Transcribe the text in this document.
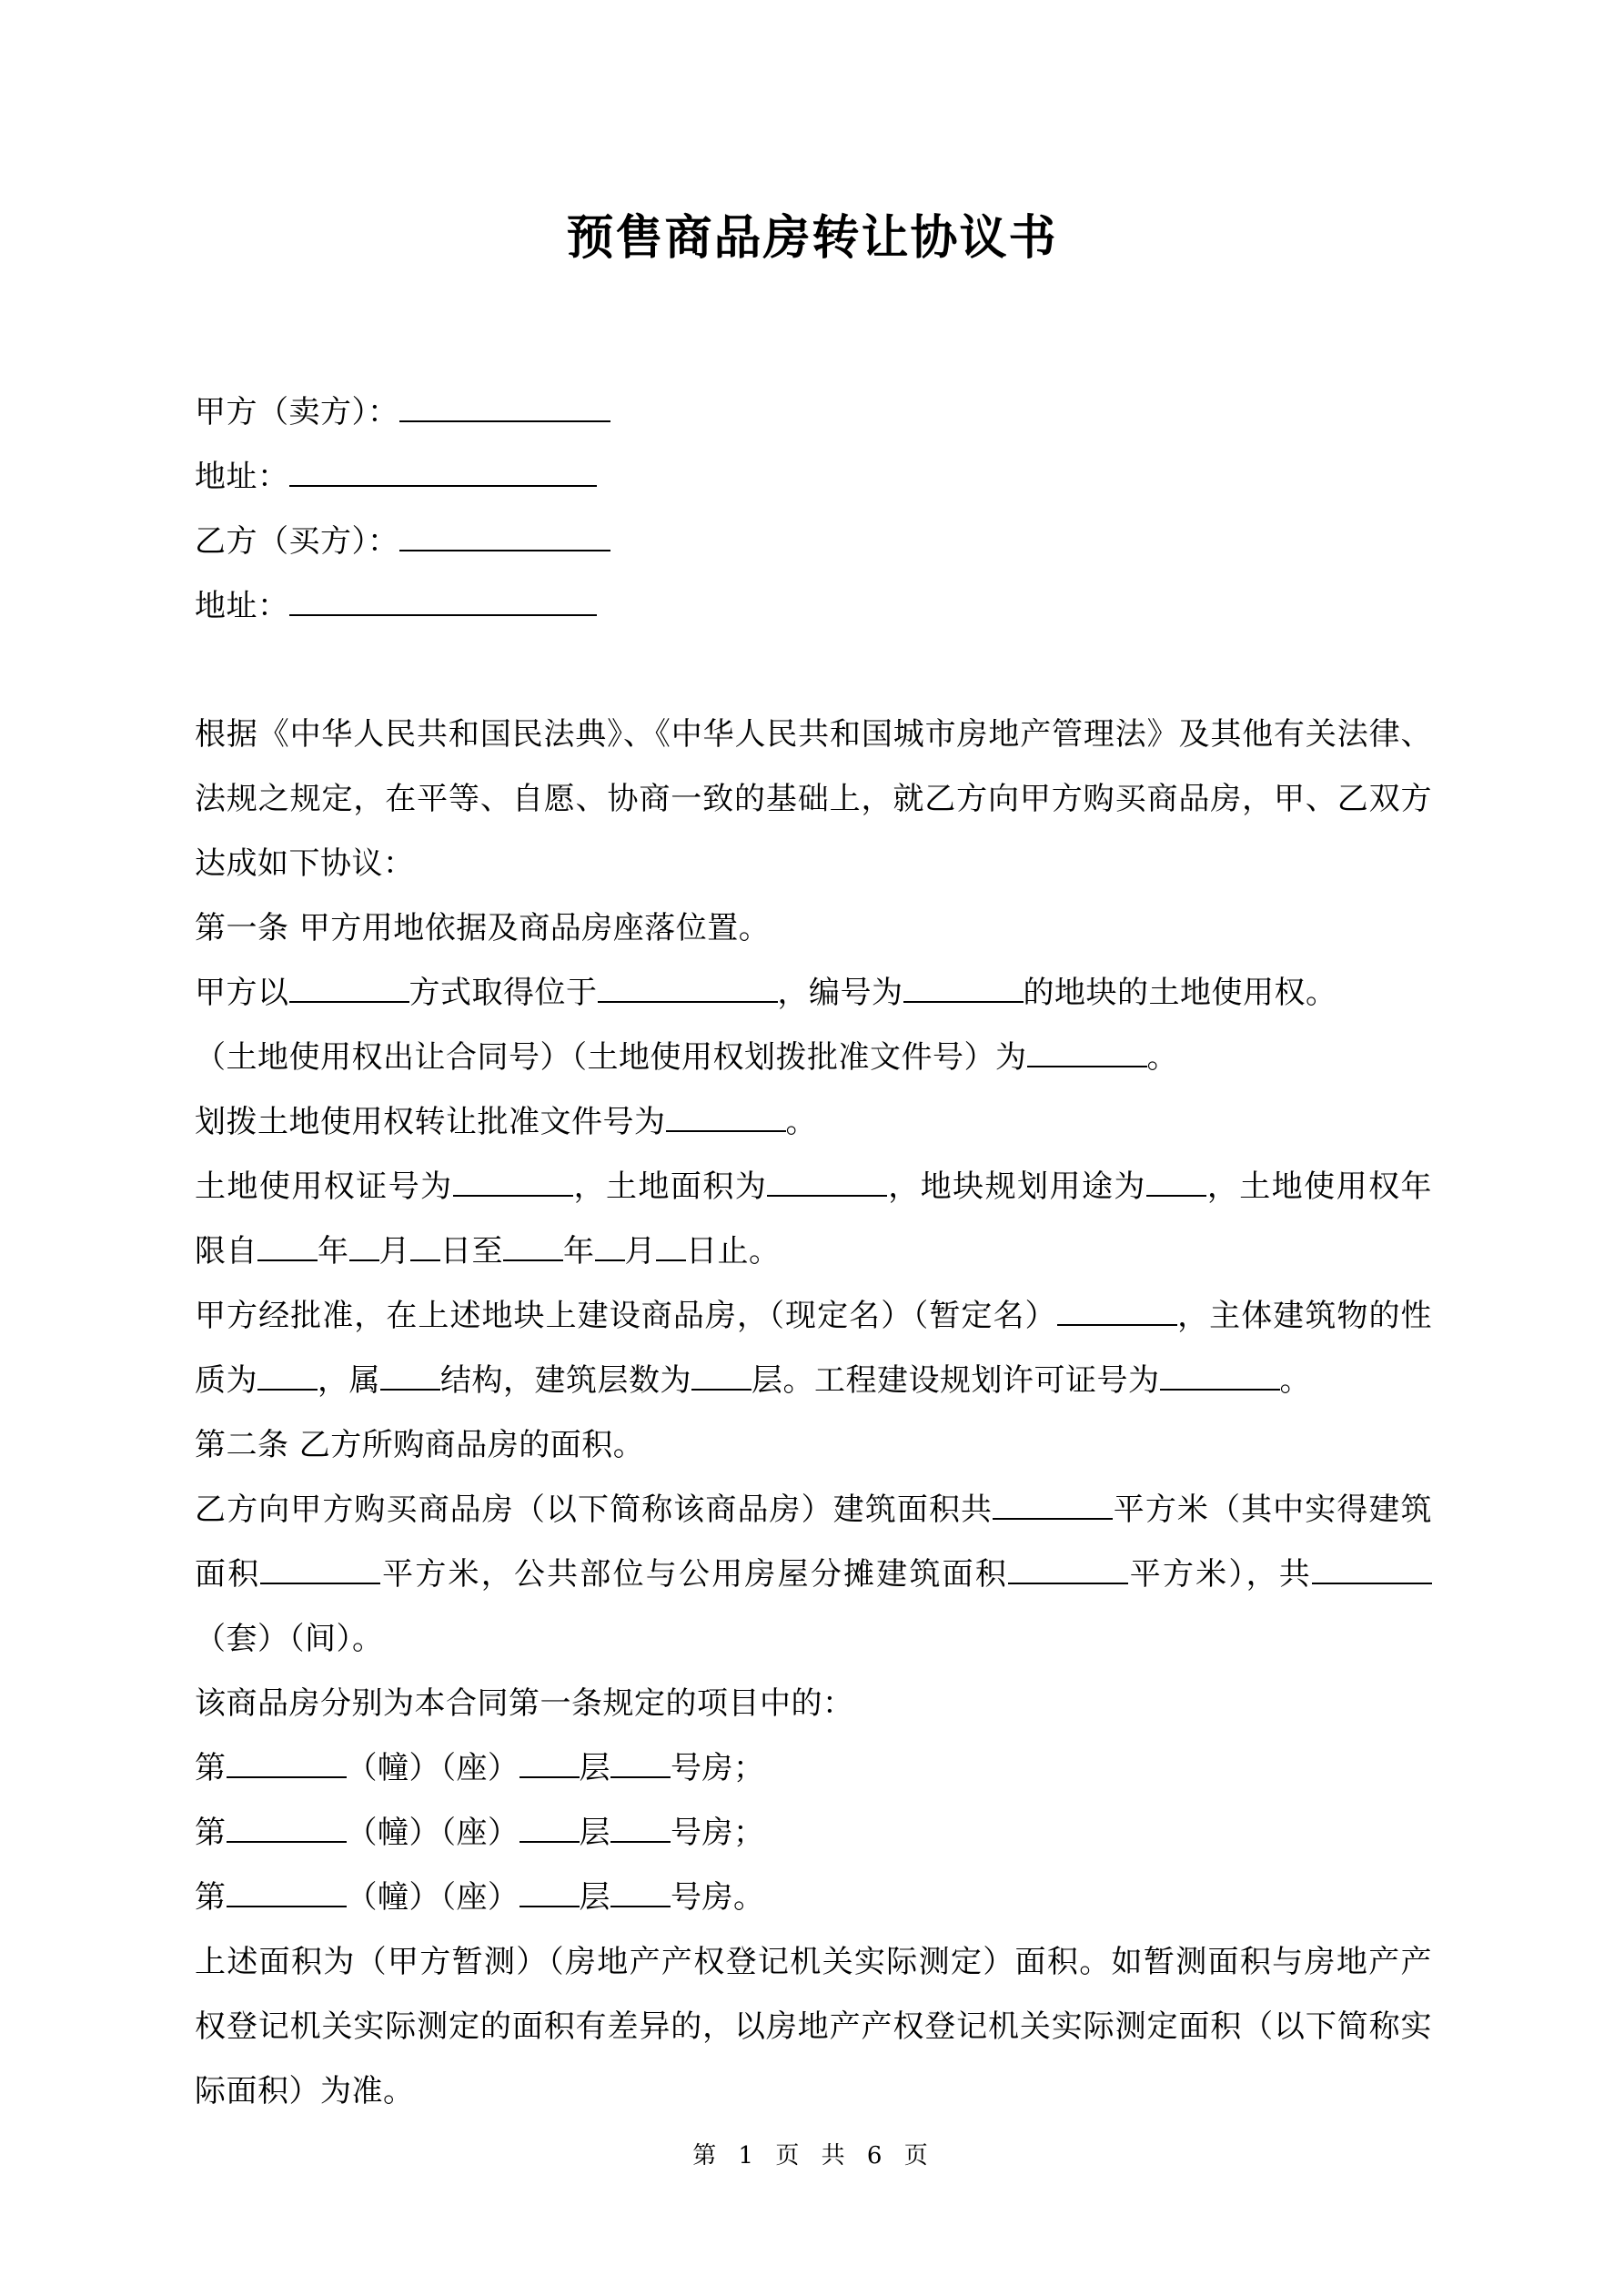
预售商品房转让协议书
甲方（卖方）：
地址：
乙方（买方）：
地址：
根据《中华人民共和国民法典》、《中华人民共和国城市房地产管理法》及其他有关法律、法规之规定，在平等、自愿、协商一致的基础上，就乙方向甲方购买商品房，甲、乙双方达成如下协议：
第一条 甲方用地依据及商品房座落位置。
甲方以	方式取得位于	，编号为	的地块的土地使用权。
（土地使用权出让合同号）（土地使用权划拨批准文件号）为	。
划拨土地使用权转让批准文件号为	。
土地使用权证号为	，土地面积为	，地块规划用途为 ，土地使用权年限自 年 月 日至 年 月 日止。
甲方经批准，在上述地块上建设商品房，（现定名）（暂定名）	，主体建筑物的性质为 ，属 结构，建筑层数为 层。工程建设规划许可证号为	。
第二条 乙方所购商品房的面积。
乙方向甲方购买商品房（以下简称该商品房）建筑面积共	平方米（其中实得建筑面积	平方米，公共部位与公用房屋分摊建筑面积	平方米），共（套）（间）。
该商品房分别为本合同第一条规定的项目中的：
第	（幢）（座） 层 号房；
第	（幢）（座） 层 号房；
第	（幢）（座） 层 号房。
上述面积为（甲方暂测）（房地产产权登记机关实际测定）面积。如暂测面积与房地产产权登记机关实际测定的面积有差异的，以房地产产权登记机关实际测定面积（以下简称实际面积）为准。
第 1 页 共 6 页
